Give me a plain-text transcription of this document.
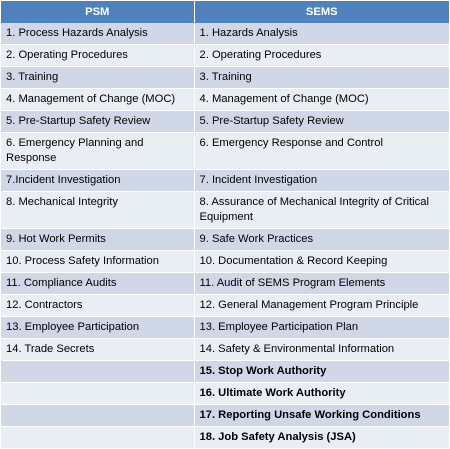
PSM	SEMS
1. Process Hazards Analysis	1. Hazards Analysis
2. Operating Procedures	2. Operating Procedures
3. Training	3. Training
4. Management of Change (MOC)	4. Management of Change (MOC)
5. Pre-Startup Safety Review	5. Pre-Startup Safety Review
6. Emergency Planning and Response	6. Emergency Response and Control
7.Incident Investigation	7. Incident Investigation
8. Mechanical Integrity	8. Assurance of Mechanical Integrity of Critical Equipment
9. Hot Work Permits	9. Safe Work Practices
10. Process Safety Information	10. Documentation & Record Keeping
11. Compliance Audits	11. Audit of SEMS Program Elements
12. Contractors	12. General Management Program Principle
13. Employee Participation	13. Employee Participation Plan
14. Trade Secrets	14. Safety & Environmental Information
	15. Stop Work Authority
	16. Ultimate Work Authority
	17. Reporting Unsafe Working Conditions
	18. Job Safety Analysis (JSA)
